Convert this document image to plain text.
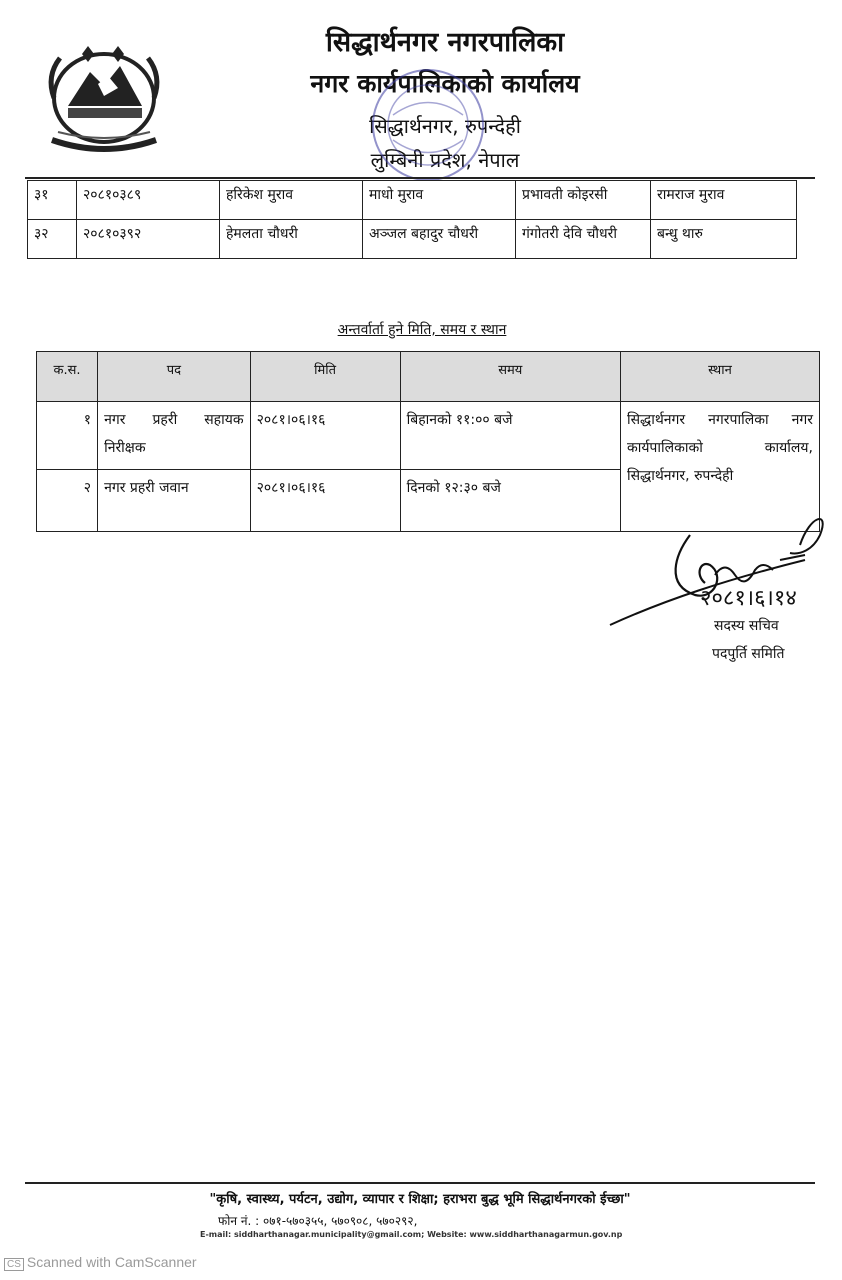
सिद्धार्थनगर नगरपालिका
नगर कार्यपालिकाको कार्यालय
सिद्धार्थनगर, रुपन्देही
लुम्बिनी प्रदेश, नेपाल
३१	२०८१०३८९	हरिकेश मुराव	माधो मुराव	प्रभावती कोइरसी	रामराज मुराव
३२	२०८१०३९२	हेमलता चौधरी	अञ्जल बहादुर चौधरी	गंगोतरी देवि चौधरी	बन्धु थारु
अन्तर्वार्ता हुने मिति, समय र स्थान
क.स.	पद	मिति	समय	स्थान
१	नगर प्रहरी सहायक निरीक्षक	२०८१।०६।१६	बिहानको ११:०० बजे	सिद्धार्थनगर नगरपालिका नगर कार्यपालिकाको कार्यालय, सिद्धार्थनगर, रुपन्देही
२	नगर प्रहरी जवान	२०८१।०६।१६	दिनको १२:३० बजे	
२०८१।६।१४
सदस्य सचिव
पदपुर्ति समिति
"कृषि, स्वास्थ्य, पर्यटन, उद्योग, व्यापार र शिक्षा; हराभरा बुद्ध भूमि सिद्धार्थनगरको ईच्छा"
फोन नं. : ०७१-५७०३५५, ५७०९०८, ५७०२९२,
E-mail: siddharthanagar.municipality@gmail.com; Website: www.siddharthanagarmun.gov.np
CS Scanned with CamScanner
